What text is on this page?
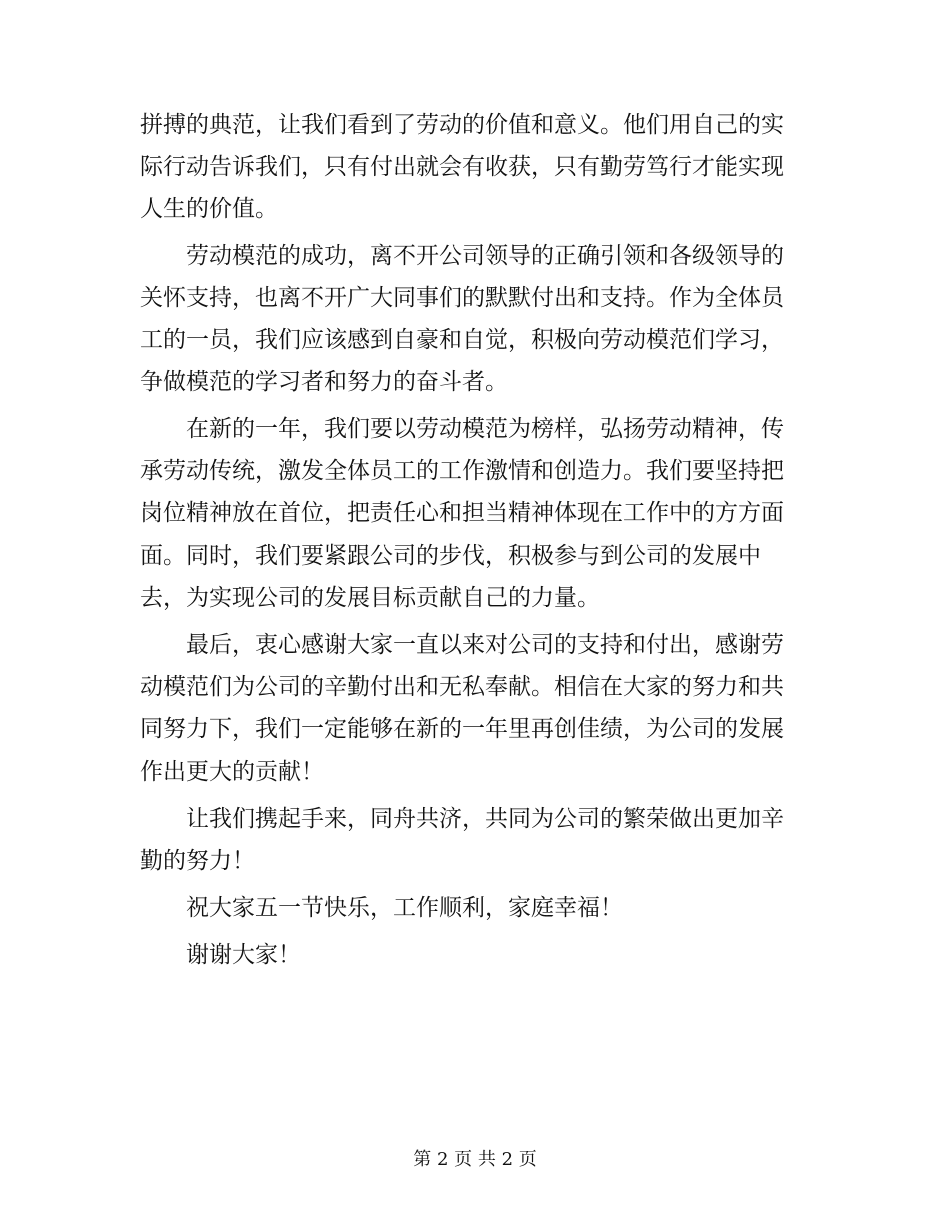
拼搏的典范，让我们看到了劳动的价值和意义。他们用自己的实
际行动告诉我们，只有付出就会有收获，只有勤劳笃行才能实现
人生的价值。
劳动模范的成功，离不开公司领导的正确引领和各级领导的
关怀支持，也离不开广大同事们的默默付出和支持。作为全体员
工的一员，我们应该感到自豪和自觉，积极向劳动模范们学习，
争做模范的学习者和努力的奋斗者。
在新的一年，我们要以劳动模范为榜样，弘扬劳动精神，传
承劳动传统，激发全体员工的工作激情和创造力。我们要坚持把
岗位精神放在首位，把责任心和担当精神体现在工作中的方方面
面。同时，我们要紧跟公司的步伐，积极参与到公司的发展中
去，为实现公司的发展目标贡献自己的力量。
最后，衷心感谢大家一直以来对公司的支持和付出，感谢劳
动模范们为公司的辛勤付出和无私奉献。相信在大家的努力和共
同努力下，我们一定能够在新的一年里再创佳绩，为公司的发展
作出更大的贡献！
让我们携起手来，同舟共济，共同为公司的繁荣做出更加辛
勤的努力！
祝大家五一节快乐，工作顺利，家庭幸福！
谢谢大家！
第 2 页 共 2 页
